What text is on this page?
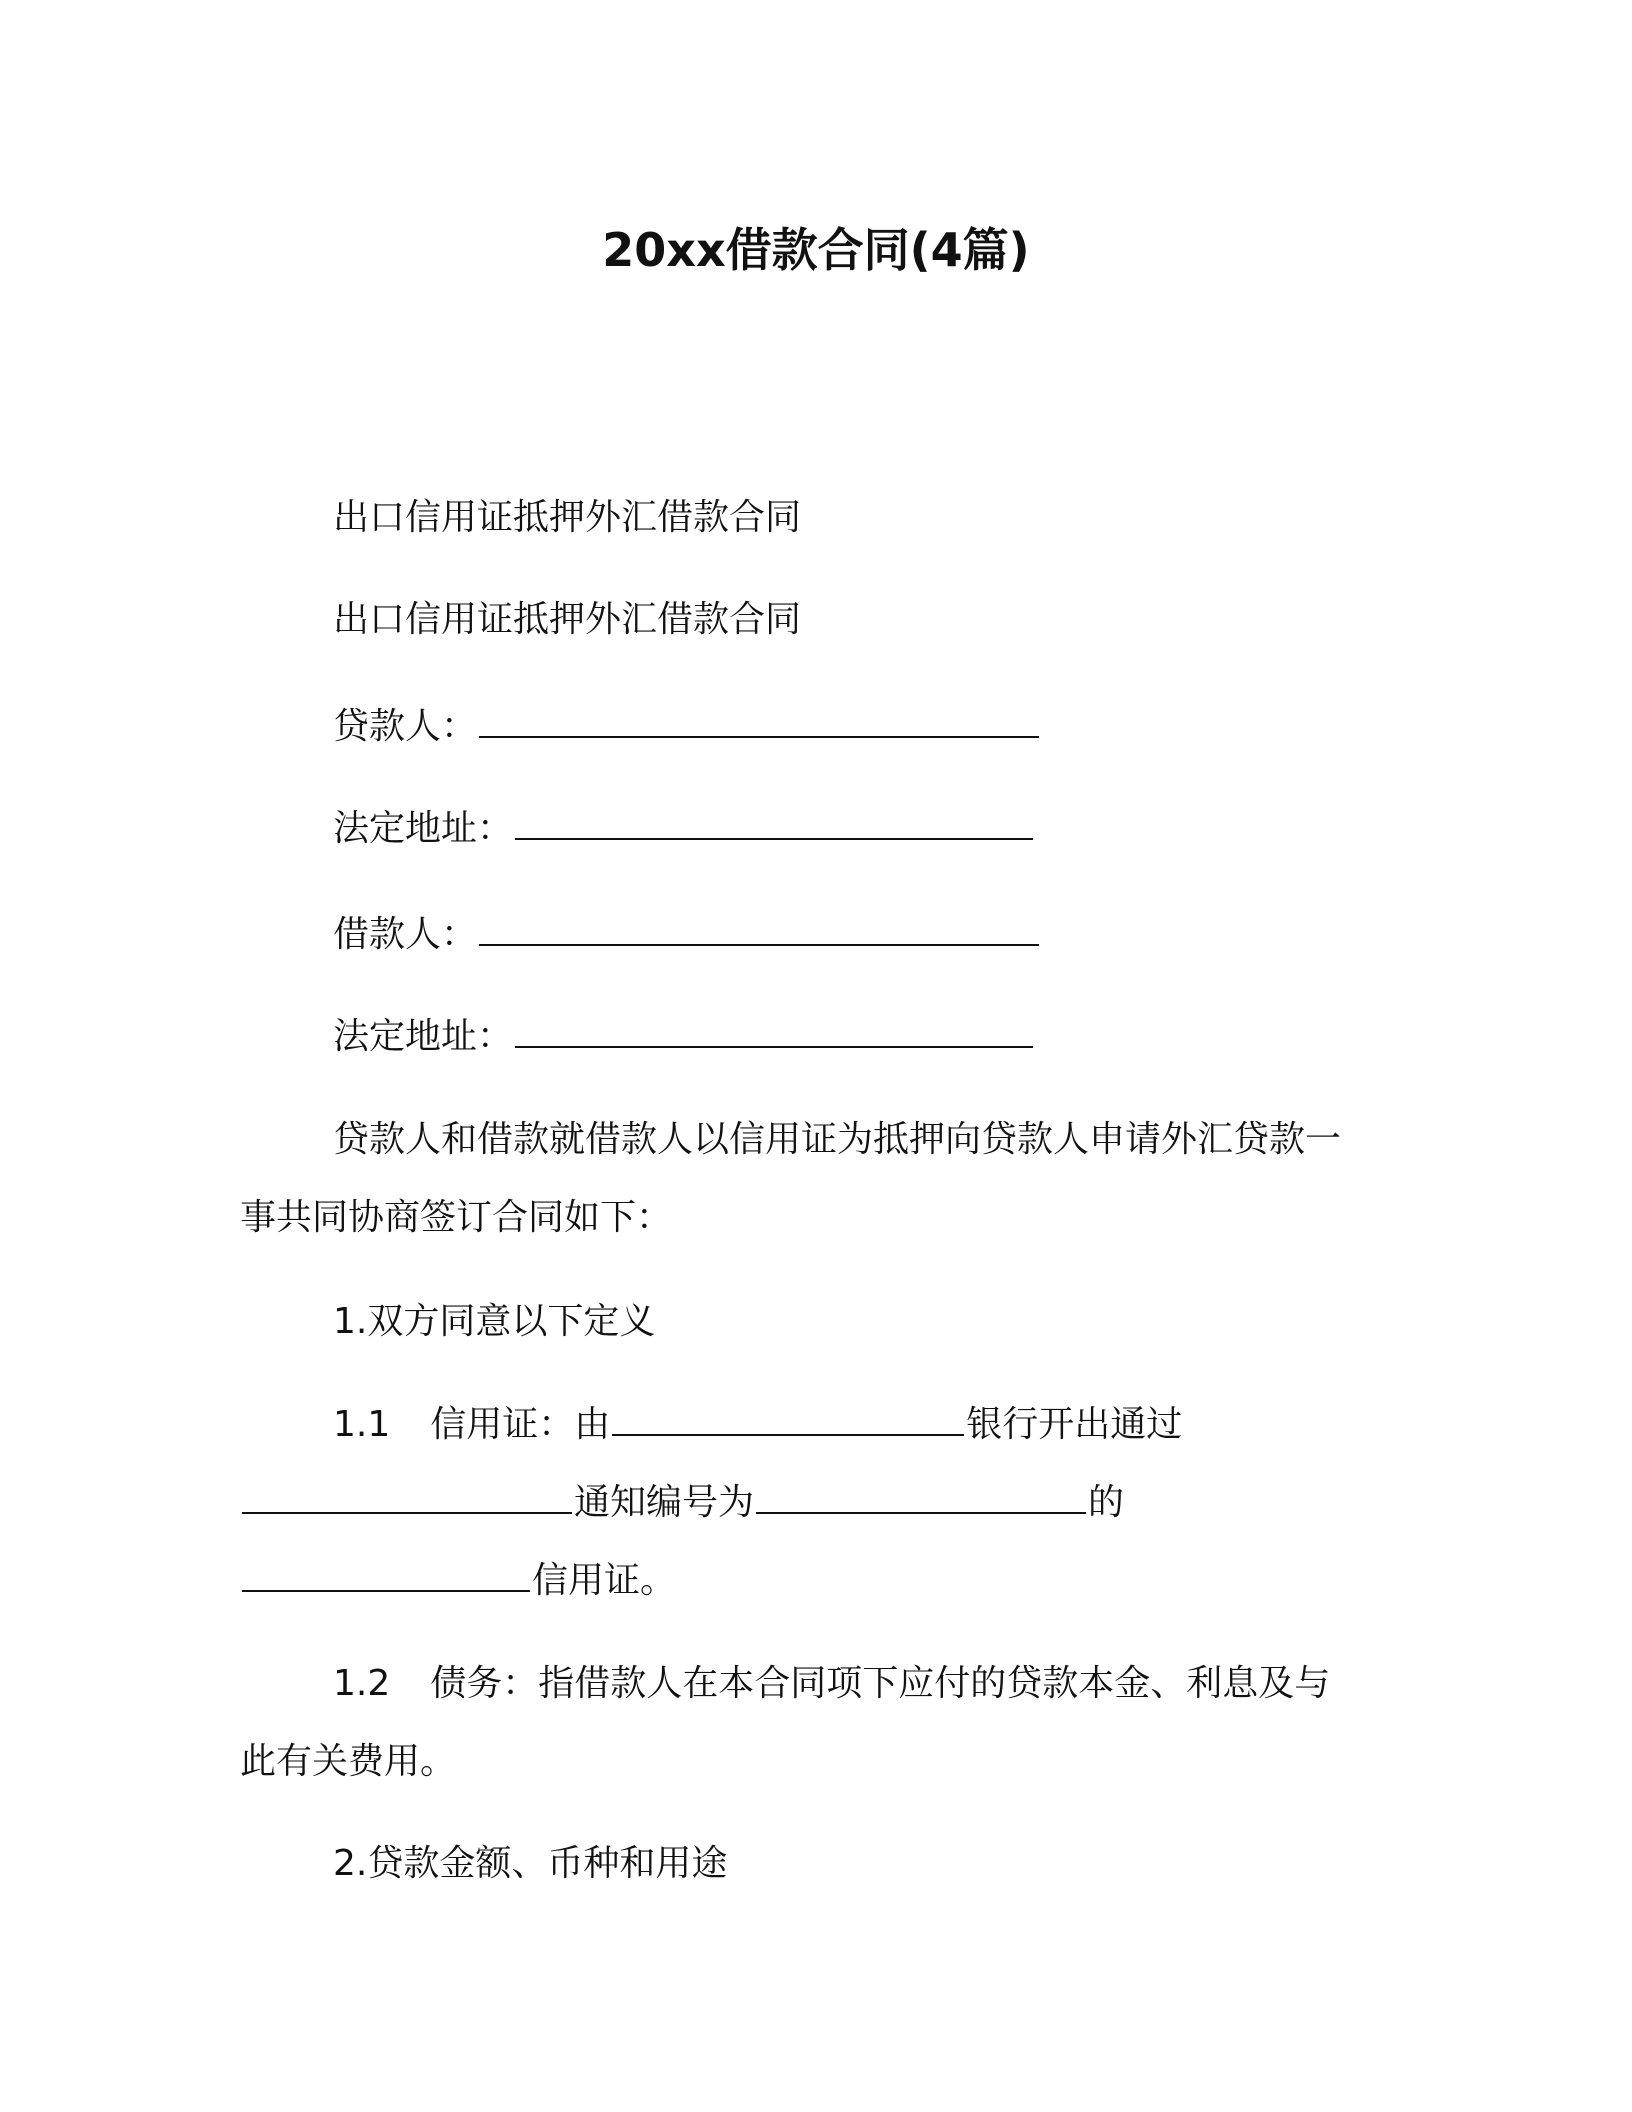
20xx借款合同(4篇)
出口信用证抵押外汇借款合同
出口信用证抵押外汇借款合同
贷款人：
法定地址：
借款人：
法定地址：
贷款人和借款就借款人以信用证为抵押向贷款人申请外汇贷款一
事共同协商签订合同如下：
1.双方同意以下定义
1.1 信用证：由	银行开出通过
通知编号为	的
信用证。
1.2 债务：指借款人在本合同项下应付的贷款本金、利息及与
此有关费用。
2.贷款金额、币种和用途
